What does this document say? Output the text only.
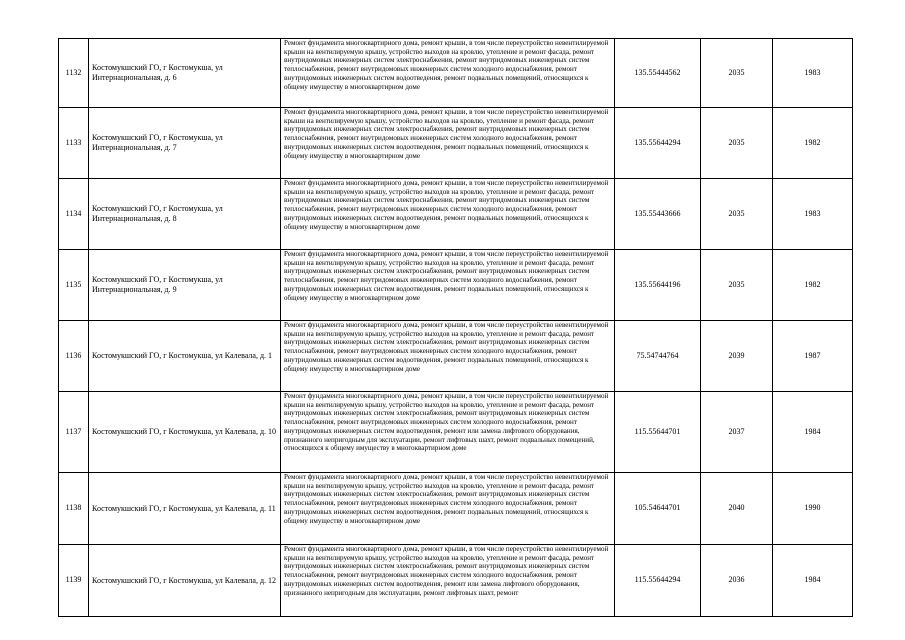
1132	Костомукшский ГО, г Костомукша, ул Интернациональная, д. 6	Ремонт фундамента многоквартирного дома, ремонт крыши, в том числе переустройство невентилируемой крыши на вентилируемую крышу, устройство выходов на кровлю, утепление и ремонт фасада, ремонт внутридомовых инженерных систем электроснабжения, ремонт внутридомовых инженерных систем теплоснабжения, ремонт внутридомовых инженерных систем холодного водоснабжения, ремонт внутридомовых инженерных систем водоотведения, ремонт подвальных помещений, относящихся к общему имуществу в многоквартирном доме	135.55444562	2035	1983
1133	Костомукшский ГО, г Костомукша, ул Интернациональная, д. 7	Ремонт фундамента многоквартирного дома, ремонт крыши, в том числе переустройство невентилируемой крыши на вентилируемую крышу, устройство выходов на кровлю, утепление и ремонт фасада, ремонт внутридомовых инженерных систем электроснабжения, ремонт внутридомовых инженерных систем теплоснабжения, ремонт внутридомовых инженерных систем холодного водоснабжения, ремонт внутридомовых инженерных систем водоотведения, ремонт подвальных помещений, относящихся к общему имуществу в многоквартирном доме	135.55644294	2035	1982
1134	Костомукшский ГО, г Костомукша, ул Интернациональная, д. 8	Ремонт фундамента многоквартирного дома, ремонт крыши, в том числе переустройство невентилируемой крыши на вентилируемую крышу, устройство выходов на кровлю, утепление и ремонт фасада, ремонт внутридомовых инженерных систем электроснабжения, ремонт внутридомовых инженерных систем теплоснабжения, ремонт внутридомовых инженерных систем холодного водоснабжения, ремонт внутридомовых инженерных систем водоотведения, ремонт подвальных помещений, относящихся к общему имуществу в многоквартирном доме	135.55443666	2035	1983
1135	Костомукшский ГО, г Костомукша, ул Интернациональная, д. 9	Ремонт фундамента многоквартирного дома, ремонт крыши, в том числе переустройство невентилируемой крыши на вентилируемую крышу, устройство выходов на кровлю, утепление и ремонт фасада, ремонт внутридомовых инженерных систем электроснабжения, ремонт внутридомовых инженерных систем теплоснабжения, ремонт внутридомовых инженерных систем холодного водоснабжения, ремонт внутридомовых инженерных систем водоотведения, ремонт подвальных помещений, относящихся к общему имуществу в многоквартирном доме	135.55644196	2035	1982
1136	Костомукшский ГО, г Костомукша, ул Калевала, д. 1	Ремонт фундамента многоквартирного дома, ремонт крыши, в том числе переустройство невентилируемой крыши на вентилируемую крышу, устройство выходов на кровлю, утепление и ремонт фасада, ремонт внутридомовых инженерных систем электроснабжения, ремонт внутридомовых инженерных систем теплоснабжения, ремонт внутридомовых инженерных систем холодного водоснабжения, ремонт внутридомовых инженерных систем водоотведения, ремонт подвальных помещений, относящихся к общему имуществу в многоквартирном доме	75.54744764	2039	1987
1137	Костомукшский ГО, г Костомукша, ул Калевала, д. 10	Ремонт фундамента многоквартирного дома, ремонт крыши, в том числе переустройство невентилируемой крыши на вентилируемую крышу, устройство выходов на кровлю, утепление и ремонт фасада, ремонт внутридомовых инженерных систем электроснабжения, ремонт внутридомовых инженерных систем теплоснабжения, ремонт внутридомовых инженерных систем холодного водоснабжения, ремонт внутридомовых инженерных систем водоотведения, ремонт или замена лифтового оборудования, признанного непригодным для эксплуатации, ремонт лифтовых шахт, ремонт подвальных помещений, относящихся к общему имуществу в многоквартирном доме	115.55644701	2037	1984
1138	Костомукшский ГО, г Костомукша, ул Калевала, д. 11	Ремонт фундамента многоквартирного дома, ремонт крыши, в том числе переустройство невентилируемой крыши на вентилируемую крышу, устройство выходов на кровлю, утепление и ремонт фасада, ремонт внутридомовых инженерных систем электроснабжения, ремонт внутридомовых инженерных систем теплоснабжения, ремонт внутридомовых инженерных систем холодного водоснабжения, ремонт внутридомовых инженерных систем водоотведения, ремонт подвальных помещений, относящихся к общему имуществу в многоквартирном доме	105.54644701	2040	1990
1139	Костомукшский ГО, г Костомукша, ул Калевала, д. 12	Ремонт фундамента многоквартирного дома, ремонт крыши, в том числе переустройство невентилируемой крыши на вентилируемую крышу, устройство выходов на кровлю, утепление и ремонт фасада, ремонт внутридомовых инженерных систем электроснабжения, ремонт внутридомовых инженерных систем теплоснабжения, ремонт внутридомовых инженерных систем холодного водоснабжения, ремонт внутридомовых инженерных систем водоотведения, ремонт или замена лифтового оборудования, признанного непригодным для эксплуатации, ремонт лифтовых шахт, ремонт	115.55644294	2036	1984
